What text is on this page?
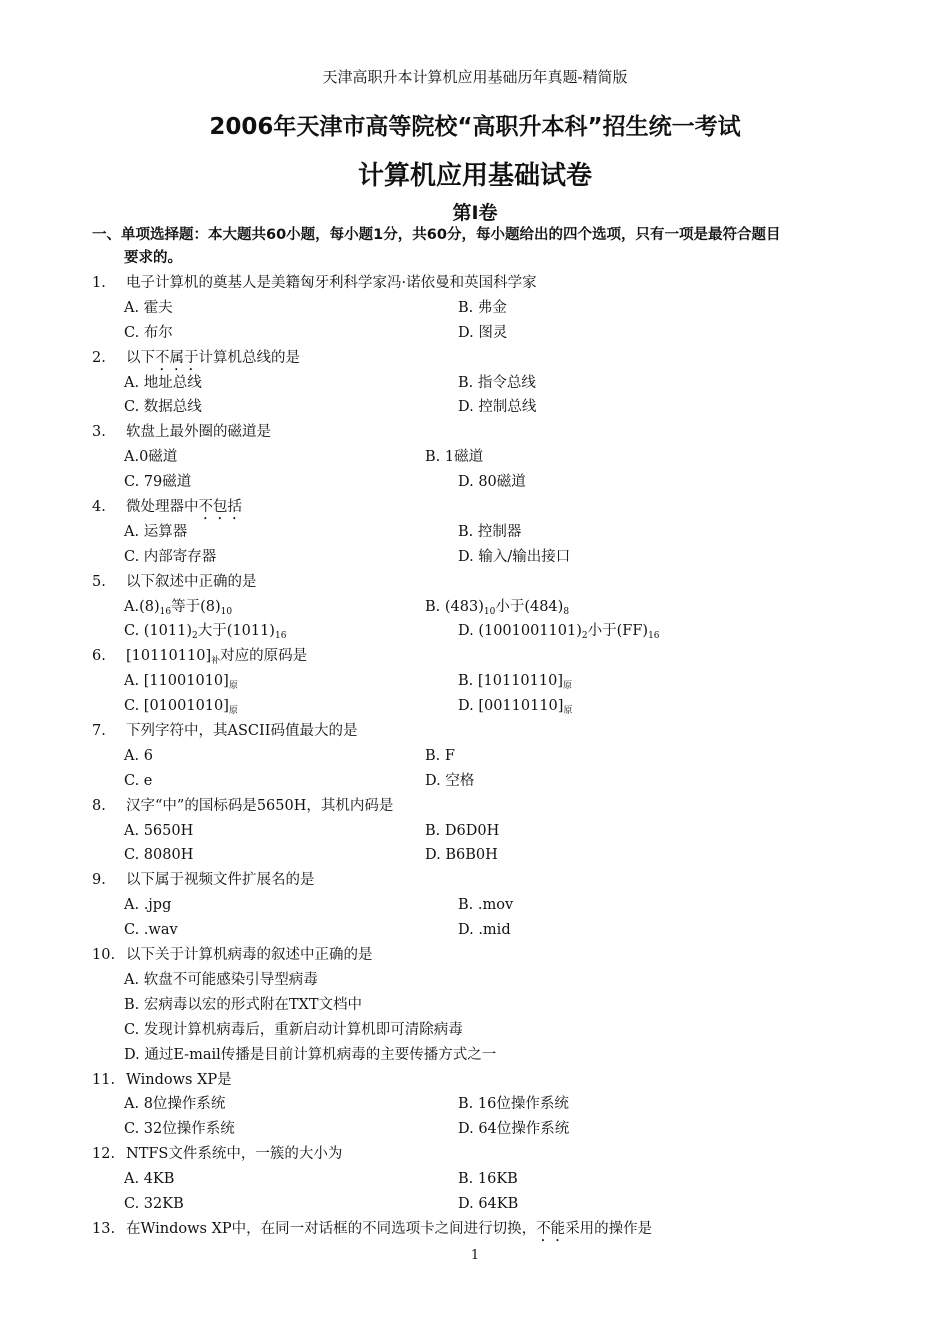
天津高职升本计算机应用基础历年真题-精简版
2006年天津市高等院校“高职升本科”招生统一考试
计算机应用基础试卷
第I卷
一、单项选择题：本大题共60小题，每小题1分，共60分，每小题给出的四个选项，只有一项是最符合题目
要求的。
1. 电子计算机的奠基人是美籍匈牙利科学家冯·诺依曼和英国科学家
A. 霍夫	B. 弗金
C. 布尔	D. 图灵
2. 以下不属于计算机总线的是
A. 地址总线	B. 指令总线
C. 数据总线	D. 控制总线
3. 软盘上最外圈的磁道是
A.0磁道	B. 1磁道
C. 79磁道	D. 80磁道
4. 微处理器中不包括
A. 运算器	B. 控制器
C. 内部寄存器	D. 输入/输出接口
5. 以下叙述中正确的是
$A.(8)_{16}$等于$(8)_{10}$	B. $(483)_{10}$小于$(484)_8$
C. $(1011)_2$大于$(1011)_{16}$	D. $(1001001101)_2$小于$(FF)_{16}$
6. $[10110110]_补$对应的原码是
A. $[11001010]_原$	B. $[10110110]_原$
C. $[01001010]_原$	D. $[00110110]_原$
7. 下列字符中，其ASCII码值最大的是
A. 6	B. F
C. e	D. 空格
8. 汉字“中”的国标码是5650H，其机内码是
A. 5650H	B. D6D0H
C. 8080H	D. B6B0H
9. 以下属于视频文件扩展名的是
A. .jpg	B. .mov
C. .wav	D. .mid
10. 以下关于计算机病毒的叙述中正确的是
A. 软盘不可能感染引导型病毒
B. 宏病毒以宏的形式附在TXT文档中
C. 发现计算机病毒后，重新启动计算机即可清除病毒
D. 通过E-mail传播是目前计算机病毒的主要传播方式之一
11. Windows XP是
A. 8位操作系统	B. 16位操作系统
C. 32位操作系统	D. 64位操作系统
12. NTFS文件系统中，一簇的大小为
A. 4KB	B. 16KB
C. 32KB	D. 64KB
13. 在Windows XP中，在同一对话框的不同选项卡之间进行切换，不能采用的操作是
1
